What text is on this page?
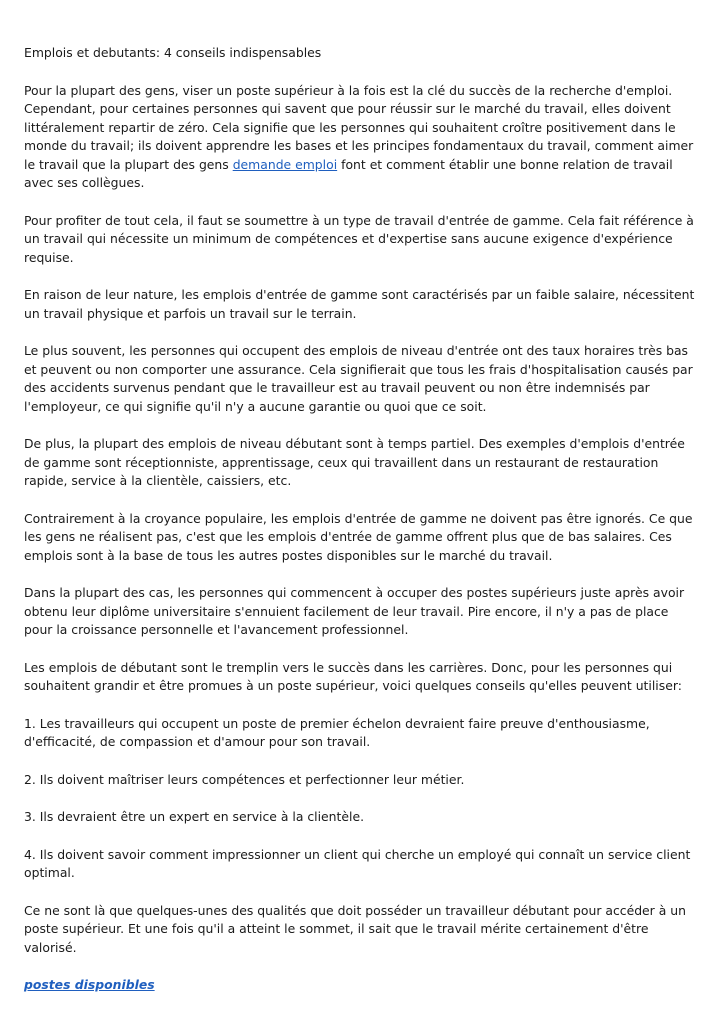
Emplois et debutants: 4 conseils indispensables

Pour la plupart des gens, viser un poste supérieur à la fois est la clé du succès de la recherche d'emploi. Cependant, pour certaines personnes qui savent que pour réussir sur le marché du travail, elles doivent littéralement repartir de zéro. Cela signifie que les personnes qui souhaitent croître positivement dans le monde du travail; ils doivent apprendre les bases et les principes fondamentaux du travail, comment aimer le travail que la plupart des gens demande emploi font et comment établir une bonne relation de travail avec ses collègues.

Pour profiter de tout cela, il faut se soumettre à un type de travail d'entrée de gamme. Cela fait référence à un travail qui nécessite un minimum de compétences et d'expertise sans aucune exigence d'expérience requise.

En raison de leur nature, les emplois d'entrée de gamme sont caractérisés par un faible salaire, nécessitent un travail physique et parfois un travail sur le terrain.

Le plus souvent, les personnes qui occupent des emplois de niveau d'entrée ont des taux horaires très bas et peuvent ou non comporter une assurance. Cela signifierait que tous les frais d'hospitalisation causés par des accidents survenus pendant que le travailleur est au travail peuvent ou non être indemnisés par l'employeur, ce qui signifie qu'il n'y a aucune garantie ou quoi que ce soit.

De plus, la plupart des emplois de niveau débutant sont à temps partiel. Des exemples d'emplois d'entrée de gamme sont réceptionniste, apprentissage, ceux qui travaillent dans un restaurant de restauration rapide, service à la clientèle, caissiers, etc.

Contrairement à la croyance populaire, les emplois d'entrée de gamme ne doivent pas être ignorés. Ce que les gens ne réalisent pas, c'est que les emplois d'entrée de gamme offrent plus que de bas salaires. Ces emplois sont à la base de tous les autres postes disponibles sur le marché du travail.

Dans la plupart des cas, les personnes qui commencent à occuper des postes supérieurs juste après avoir obtenu leur diplôme universitaire s'ennuient facilement de leur travail. Pire encore, il n'y a pas de place pour la croissance personnelle et l'avancement professionnel.

Les emplois de débutant sont le tremplin vers le succès dans les carrières. Donc, pour les personnes qui souhaitent grandir et être promues à un poste supérieur, voici quelques conseils qu'elles peuvent utiliser:

1. Les travailleurs qui occupent un poste de premier échelon devraient faire preuve d'enthousiasme, d'efficacité, de compassion et d'amour pour son travail.

2. Ils doivent maîtriser leurs compétences et perfectionner leur métier.

3. Ils devraient être un expert en service à la clientèle.

4. Ils doivent savoir comment impressionner un client qui cherche un employé qui connaît un service client optimal.

Ce ne sont là que quelques-unes des qualités que doit posséder un travailleur débutant pour accéder à un poste supérieur. Et une fois qu'il a atteint le sommet, il sait que le travail mérite certainement d'être valorisé.

postes disponibles
